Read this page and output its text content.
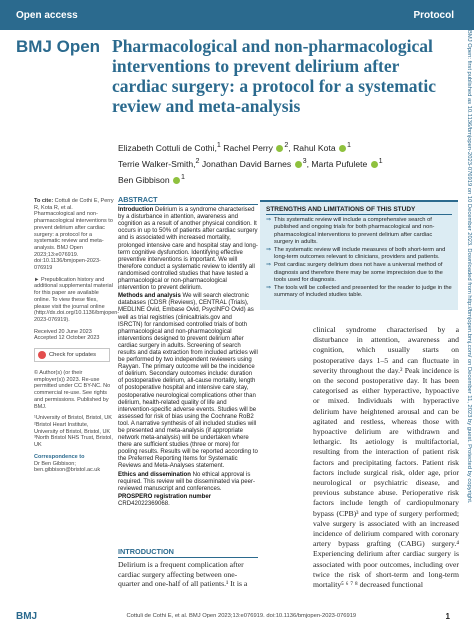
Open access	Protocol
BMJ Open Pharmacological and non-pharmacological interventions to prevent delirium after cardiac surgery: a protocol for a systematic review and meta-analysis
Elizabeth Cottuli de Cothi,$^1$ Rachel Perry $^2$, Rahul Kota $^1$
Terrie Walker-Smith,$^2$ Jonathan David Barnes $^3$, Marta Pufulete $^1$
Ben Gibbison $^1$

To cite: Cottuli de Cothi E, Perry R, Kota R, et al. Pharmacological and non-pharmacological interventions to prevent delirium after cardiac surgery: a protocol for a systematic review and meta-analysis. BMJ Open 2023;13:e076919. doi:10.1136/bmjopen-2023-076919

► Prepublication history and additional supplemental material for this paper are available online. To view these files, please visit the journal online (http://dx.doi.org/10.1136/bmjopen-2023-076919).

Received 20 June 2023
Accepted 12 October 2023

Check for updates

© Author(s) (or their employer(s)) 2023. Re-use permitted under CC BY-NC. No commercial re-use. See rights and permissions. Published by BMJ.

¹University of Bristol, Bristol, UK
²Bristol Heart Institute, University of Bristol, Bristol, UK
³North Bristol NHS Trust, Bristol, UK

Correspondence to
Dr Ben Gibbison;
ben.gibbison@bristol.ac.uk

ABSTRACT

Introduction Delirium is a syndrome characterised by a disturbance in attention, awareness and cognition as a result of another physical condition. It occurs in up to 50% of patients after cardiac surgery and is associated with increased mortality, prolonged intensive care and hospital stay and long-term cognitive dysfunction. Identifying effective preventive interventions is important. We will therefore conduct a systematic review to identify all randomised controlled studies that have tested a pharmacological or non-pharmacological intervention to prevent delirium.

Methods and analysis We will search electronic databases (CDSR (Reviews), CENTRAL (Trials), MEDLINE Ovid, Embase Ovid, PsycINFO Ovid) as well as trial registries (clinicaltrials.gov and ISRCTN) for randomised controlled trials of both pharmacological and non-pharmacological interventions designed to prevent delirium after cardiac surgery in adults. Screening of search results and data extraction from included articles will be performed by two independent reviewers using Rayyan. The primary outcome will be the incidence of delirium. Secondary outcomes include: duration of postoperative delirium, all-cause mortality, length of postoperative hospital and intensive care stay, postoperative neurological complications other than delirium, health-related quality of life and intervention-specific adverse events. Studies will be assessed for risk of bias using the Cochrane RoB2 tool. A narrative synthesis of all included studies will be presented and meta-analysis (if appropriate network meta-analysis) will be undertaken where there are sufficient studies (three or more) for pooling results. Results will be reported according to the Preferred Reporting Items for Systematic Reviews and Meta-Analyses statement.

Ethics and dissemination No ethical approval is required. This review will be disseminated via peer-reviewed manuscript and conferences.

PROSPERO registration number CRD42022369068.

INTRODUCTION

Delirium is a frequent complication after cardiac surgery affecting between one-quarter and one-half of all patients.¹ It is a

STRENGTHS AND LIMITATIONS OF THIS STUDY
⇒ This systematic review will include a comprehensive search of published and ongoing trials for both pharmacological and non-pharmacological interventions to prevent delirium after cardiac surgery in adults.
⇒ The systematic review will include measures of both short-term and long-term outcomes relevant to clinicians, providers and patients.
⇒ Post cardiac surgery delirium does not have a universal method of diagnosis and therefore there may be some imprecision due to the tools used for diagnosis.
⇒ The tools will be collected and presented for the reader to judge in the summary of included studies table.
clinical syndrome characterised by a disturbance in attention, awareness and cognition, which usually starts on postoperative days 1–5 and can fluctuate in severity throughout the day.² Peak incidence is on the second postoperative day. It has been categorised as either hyperactive, hypoactive or mixed. Individuals with hyperactive delirium have heightened arousal and can be agitated and restless, whereas those with hypoactive delirium are withdrawn and lethargic. Its aetiology is multifactorial, resulting from the interaction of patient risk factors and precipitating factors. Patient risk factors include surgical risk, older age, prior neurological or psychiatric disease, and previous substance abuse. Perioperative risk factors include length of cardiopulmonary bypass (CPB)³ and type of surgery performed; valve surgery is associated with an increased incidence of delirium compared with coronary artery bypass grafting (CABG) surgery.⁴ Experiencing delirium after cardiac surgery is associated with poor outcomes, including over twice the risk of short-term and long-term mortality⁵ ⁶ ⁷ ⁸ decreased functional
BMJ Open: first published as 10.1136/bmjopen-2023-076919 on 10 December 2023. Downloaded from http://bmjopen.bmj.com/ on December 11, 2023 by guest. Protected by copyright.
BMJ	Cottuli de Cothi E, et al. BMJ Open 2023;13:e076919. doi:10.1136/bmjopen-2023-076919	1
